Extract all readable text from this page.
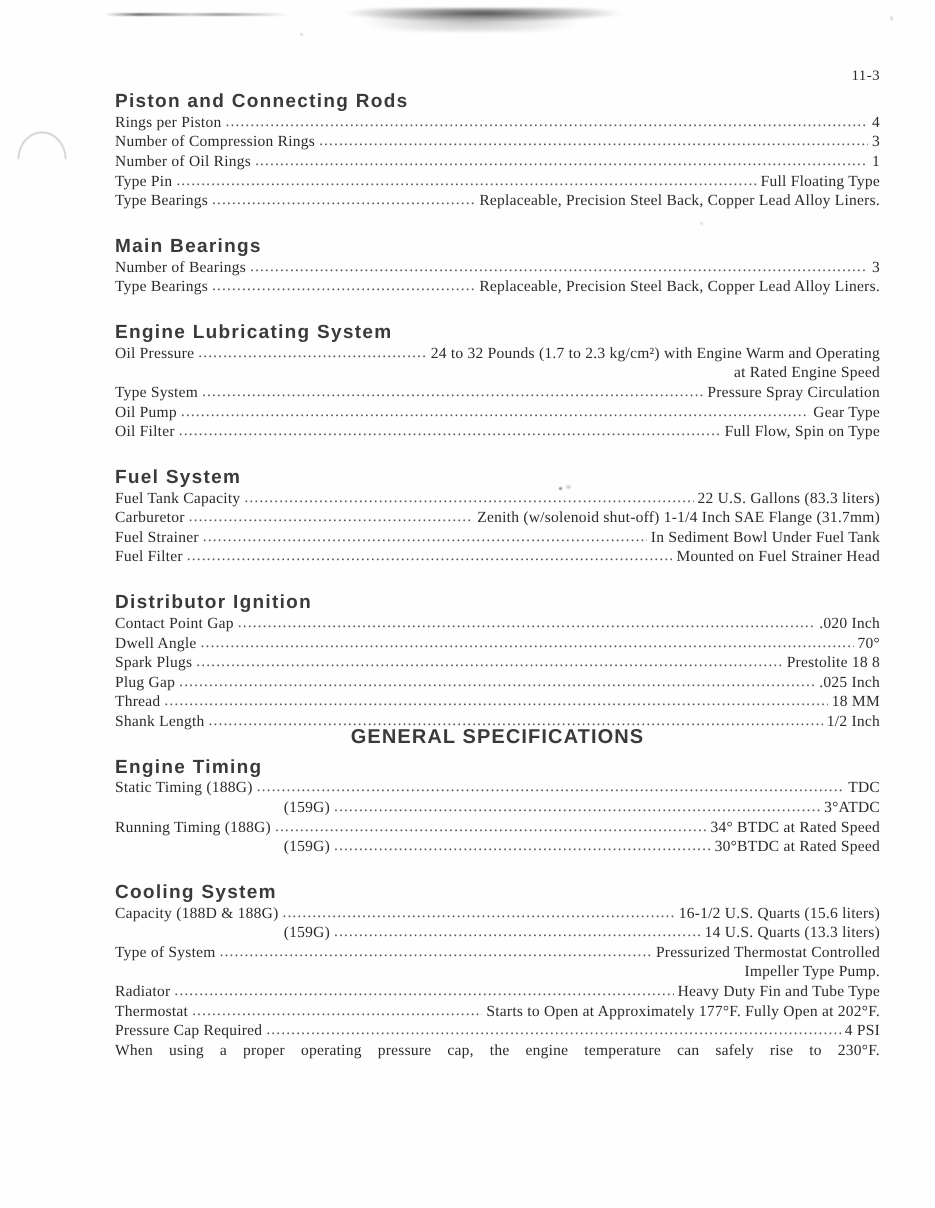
11-3
Piston and Connecting Rods
Rings per Piston .....	4
Number of Compression Rings .....	3
Number of Oil Rings .....	1
Type Pin .....	Full Floating Type
Type Bearings .....	Replaceable, Precision Steel Back, Copper Lead Alloy Liners.
Main Bearings
Number of Bearings .....	3
Type Bearings .....	Replaceable, Precision Steel Back, Copper Lead Alloy Liners.
Engine Lubricating System
Oil Pressure .....	24 to 32 Pounds (1.7 to 2.3 kg/cm²) with Engine Warm and Operating
at Rated Engine Speed
Type System .....	Pressure Spray Circulation
Oil Pump .....	Gear Type
Oil Filter .....	Full Flow, Spin on Type
Fuel System
Fuel Tank Capacity .....	22 U.S. Gallons (83.3 liters)
Carburetor .....	Zenith (w/solenoid shut-off) 1-1/4 Inch SAE Flange (31.7mm)
Fuel Strainer .....	In Sediment Bowl Under Fuel Tank
Fuel Filter .....	Mounted on Fuel Strainer Head
Distributor Ignition
Contact Point Gap .....	.020 Inch
Dwell Angle .....	70°
Spark Plugs .....	Prestolite 18 8
Plug Gap .....	.025 Inch
Thread .....	18 MM
Shank Length .....	1/2 Inch
Engine Timing
Static Timing (188G) .....	TDC
(159G) .....	3°ATDC
Running Timing (188G) .....	34° BTDC at Rated Speed
(159G) .....	30°BTDC at Rated Speed
Cooling System
Capacity (188D & 188G) .....	16-1/2 U.S. Quarts (15.6 liters)
(159G) .....	14 U.S. Quarts (13.3 liters)
Type of System .....	Pressurized Thermostat Controlled
Impeller Type Pump.
Radiator .....	Heavy Duty Fin and Tube Type
Thermostat .....	Starts to Open at Approximately 177°F. Fully Open at 202°F.
Pressure Cap Required .....	4 PSI
When using a proper operating pressure cap, the engine temperature can safely rise to 230°F.
GENERAL SPECIFICATIONS
